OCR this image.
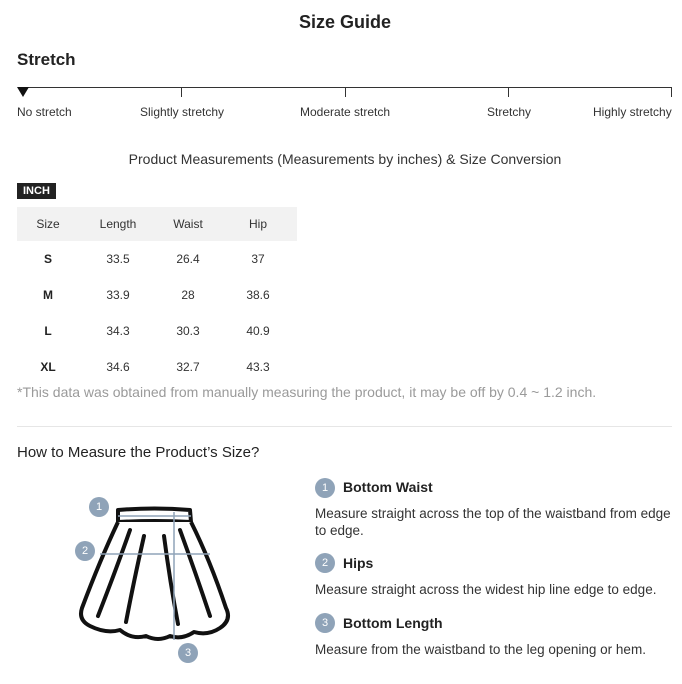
Size Guide
Stretch
No stretch	Slightly stretchy	Moderate stretch	Stretchy	Highly stretchy
Product Measurements (Measurements by inches) & Size Conversion
INCH
Size	Length	Waist	Hip
S	33.5	26.4	37
M	33.9	28	38.6
L	34.3	30.3	40.9
XL	34.6	32.7	43.3
*This data was obtained from manually measuring the product, it may be off by 0.4 ~ 1.2 inch.
How to Measure the Product’s Size?
1
2
3
1	Bottom Waist
Measure straight across the top of the waistband from edge to edge.
2	Hips
Measure straight across the widest hip line edge to edge.
3	Bottom Length
Measure from the waistband to the leg opening or hem.
